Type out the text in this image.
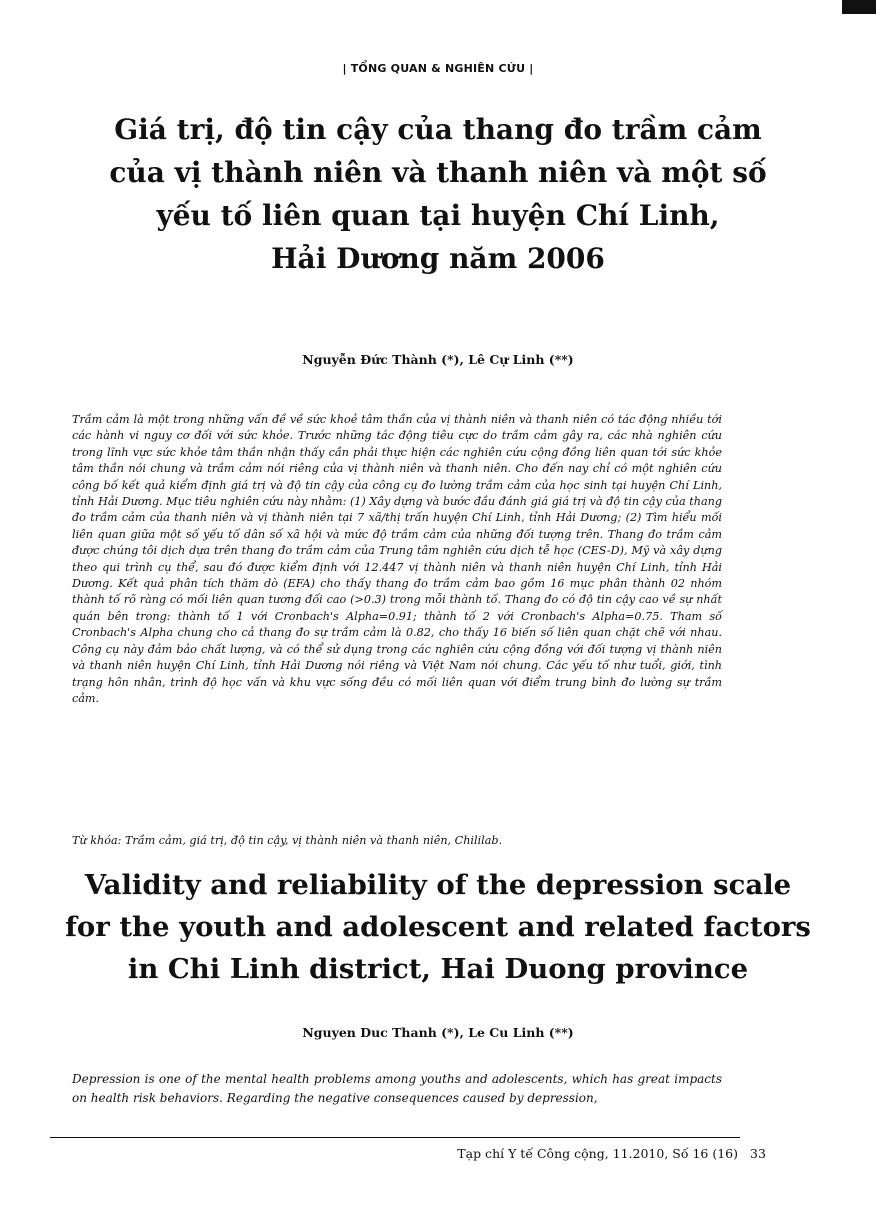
| TỔNG QUAN & NGHIÊN CỨU |
Giá trị, độ tin cậy của thang đo trầm cảm
của vị thành niên và thanh niên và một số
yếu tố liên quan tại huyện Chí Linh,
Hải Dương năm 2006
Nguyễn Đức Thành (*), Lê Cự Linh (**)

Trầm cảm là một trong những vấn đề về sức khoẻ tâm thần của vị thành niên và thanh niên có tác động nhiều tới các hành vi nguy cơ đối với sức khỏe. Trước những tác động tiêu cực do trầm cảm gây ra, các nhà nghiên cứu trong lĩnh vực sức khỏe tâm thần nhận thấy cần phải thực hiện các nghiên cứu cộng đồng liên quan tới sức khỏe tâm thần nói chung và trầm cảm nói riêng của vị thành niên và thanh niên. Cho đến nay chỉ có một nghiên cứu công bố kết quả kiểm định giá trị và độ tin cậy của công cụ đo lường trầm cảm của học sinh tại huyện Chí Linh, tỉnh Hải Dương. Mục tiêu nghiên cứu này nhằm: (1) Xây dựng và bước đầu đánh giá giá trị và độ tin cậy của thang đo trầm cảm của thanh niên và vị thành niên tại 7 xã/thị trấn huyện Chí Linh, tỉnh Hải Dương; (2) Tìm hiểu mối liên quan giữa một số yếu tố dân số xã hội và mức độ trầm cảm của những đối tượng trên. Thang đo trầm cảm được chúng tôi dịch dựa trên thang đo trầm cảm của Trung tâm nghiên cứu dịch tễ học (CES-D), Mỹ và xây dựng theo qui trình cụ thể, sau đó được kiểm định với 12.447 vị thành niên và thanh niên huyện Chí Linh, tỉnh Hải Dương. Kết quả phân tích thăm dò (EFA) cho thấy thang đo trầm cảm bao gồm 16 mục phân thành 02 nhóm thành tố rõ ràng có mối liên quan tương đối cao (>0.3) trong mỗi thành tố. Thang đo có độ tin cậy cao về sự nhất quán bên trong: thành tố 1 với Cronbach's Alpha=0.91; thành tố 2 với Cronbach's Alpha=0.75. Tham số Cronbach's Alpha chung cho cả thang đo sự trầm cảm là 0.82, cho thấy 16 biến số liên quan chặt chẽ với nhau. Công cụ này đảm bảo chất lượng, và có thể sử dụng trong các nghiên cứu cộng đồng với đối tượng vị thành niên và thanh niên huyện Chí Linh, tỉnh Hải Dương nói riêng và Việt Nam nói chung. Các yếu tố như tuổi, giới, tình trạng hôn nhân, trình độ học vấn và khu vực sống đều có mối liên quan với điểm trung bình đo lường sự trầm cảm.

Từ khóa: Trầm cảm, giá trị, độ tin cậy, vị thành niên và thanh niên, Chililab.

Validity and reliability of the depression scale
for the youth and adolescent and related factors
in Chi Linh district, Hai Duong province
Nguyen Duc Thanh (*), Le Cu Linh (**)

Depression is one of the mental health problems among youths and adolescents, which has great impacts on health risk behaviors. Regarding the negative consequences caused by depression,

Tạp chí Y tế Công cộng, 11.2010, Số 16 (16) 33
